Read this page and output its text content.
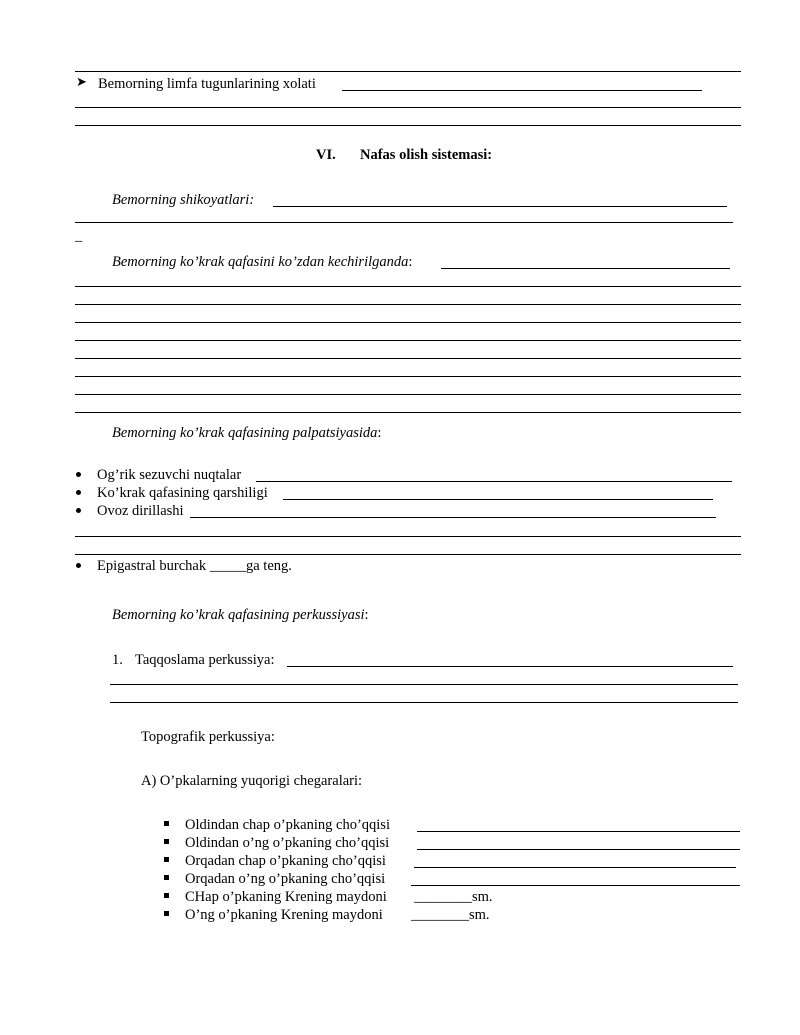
➤ Bemorning limfa tugunlarining xolati
VI. Nafas olish sistemasi:
Bemorning shikoyatlari:
_
Bemorning ko’krak qafasini ko’zdan kechirilganda:
Bemorning ko’krak qafasining palpatsiyasida:
Og’rik sezuvchi nuqtalar
Ko’krak qafasining qarshiligi
Ovoz dirillashi
Epigastral burchak _____ga teng.
Bemorning ko’krak qafasining perkussiyasi:
1. Taqqoslama perkussiya:
Topografik perkussiya:
A) O’pkalarning yuqorigi chegaralari:
Oldindan chap o’pkaning cho’qqisi
Oldindan o’ng o’pkaning cho’qqisi
Orqadan chap o’pkaning cho’qqisi
Orqadan o’ng o’pkaning cho’qqisi
CHap o’pkaning Krening maydoni ________sm.
O’ng o’pkaning Krening maydoni ________sm.
